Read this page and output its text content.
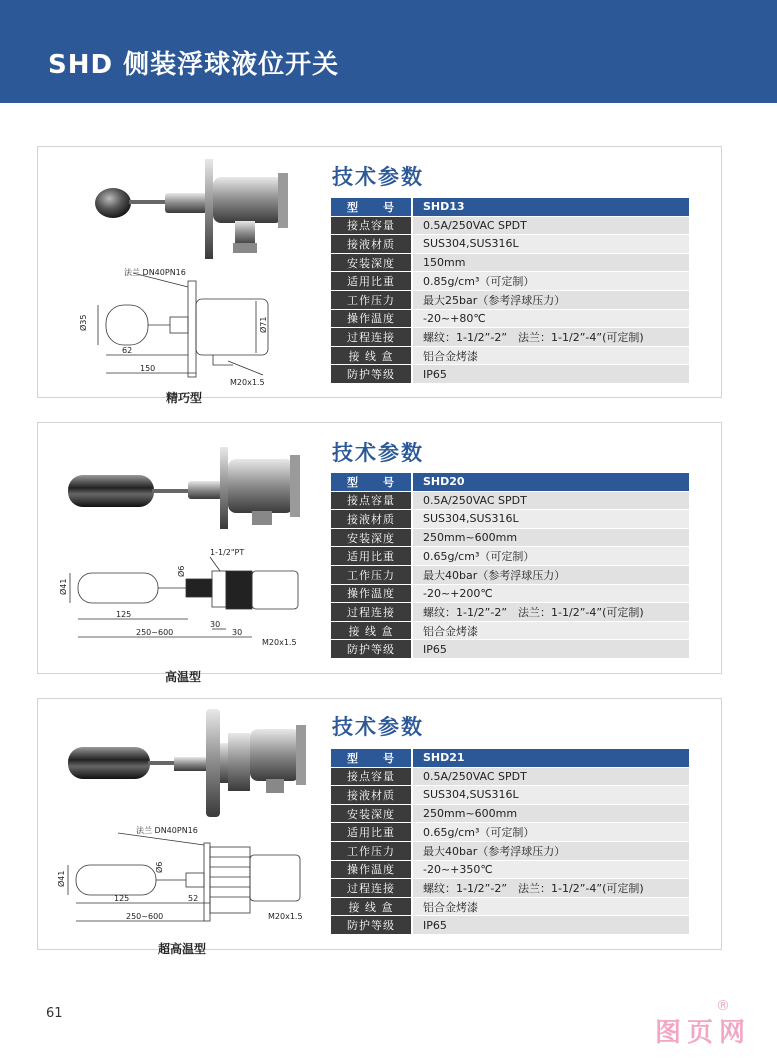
SHD 侧装浮球液位开关
法兰 DN40PN16
Ø35	Ø71
62
150
M20x1.5
精巧型
技术参数
型　　号	SHD13
接点容量	0.5A/250VAC SPDT
接液材质	SUS304,SUS316L
安装深度	150mm
适用比重	0.85g/cm³（可定制）
工作压力	最大25bar（参考浮球压力）
操作温度	-20~+80℃
过程连接	螺纹：1-1/2”-2”　法兰：1-1/2”-4”(可定制)
接 线 盒	铝合金烤漆
防护等级	IP65
1-1/2"PT
Ø41
Ø6
125
30
250~600	30
M20x1.5
高温型
技术参数
型　　号	SHD20
接点容量	0.5A/250VAC SPDT
接液材质	SUS304,SUS316L
安装深度	250mm~600mm
适用比重	0.65g/cm³（可定制）
工作压力	最大40bar（参考浮球压力）
操作温度	-20~+200℃
过程连接	螺纹：1-1/2”-2”　法兰：1-1/2”-4”(可定制)
接 线 盒	铝合金烤漆
防护等级	IP65
法兰 DN40PN16
Ø41
Ø6
125	52
250~600	M20x1.5
超高温型
技术参数
型　　号	SHD21
接点容量	0.5A/250VAC SPDT
接液材质	SUS304,SUS316L
安装深度	250mm~600mm
适用比重	0.65g/cm³（可定制）
工作压力	最大40bar（参考浮球压力）
操作温度	-20~+350℃
过程连接	螺纹：1-1/2”-2”　法兰：1-1/2”-4”(可定制)
接 线 盒	铝合金烤漆
防护等级	IP65
61
图页网
®
